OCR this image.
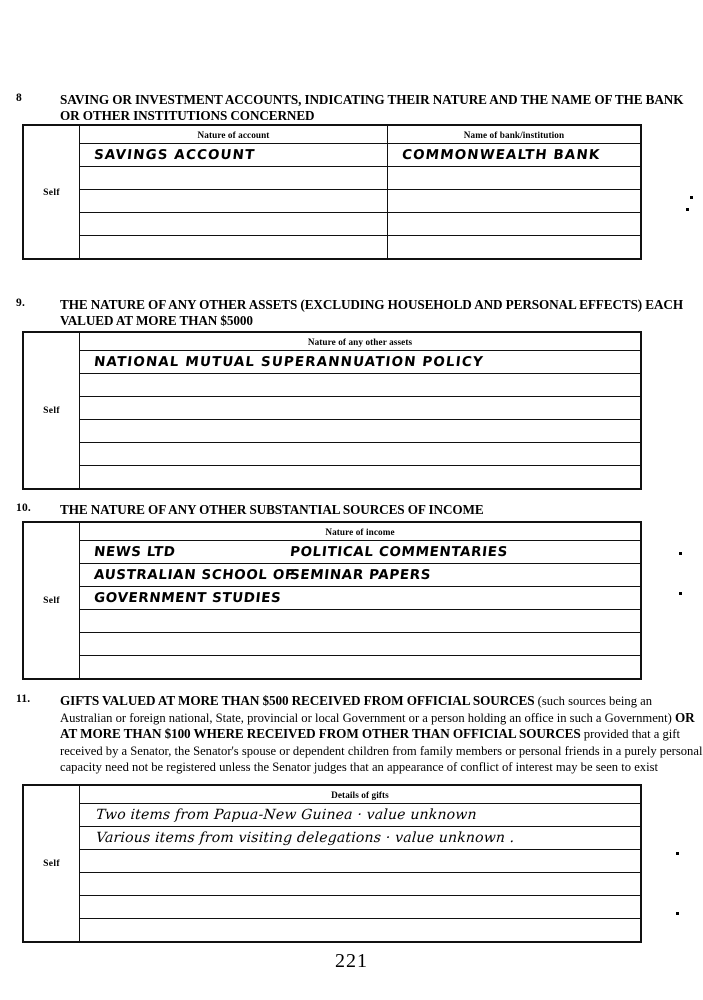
8	SAVING OR INVESTMENT ACCOUNTS, INDICATING THEIR NATURE AND THE NAME OF THE BANK OR OTHER INSTITUTIONS CONCERNED
Self	Nature of account	Name of bank/institution
	SAVINGS ACCOUNT	COMMONWEALTH BANK

9.	THE NATURE OF ANY OTHER ASSETS (EXCLUDING HOUSEHOLD AND PERSONAL EFFECTS) EACH VALUED AT MORE THAN $5000
Self	Nature of any other assets
NATIONAL MUTUAL SUPERANNUATION POLICY

10. THE NATURE OF ANY OTHER SUBSTANTIAL SOURCES OF INCOME
Self	Nature of income	
	NEWS LTD	POLITICAL COMMENTARIES
	AUSTRALIAN SCHOOL OF	SEMINAR PAPERS
	GOVERNMENT STUDIES	

11. GIFTS VALUED AT MORE THAN $500 RECEIVED FROM OFFICIAL SOURCES (such sources being an Australian or foreign national, State, provincial or local Government or a person holding an office in such a Government) OR AT MORE THAN $100 WHERE RECEIVED FROM OTHER THAN OFFICIAL SOURCES provided that a gift received by a Senator, the Senator's spouse or dependent children from family members or personal friends in a purely personal capacity need not be registered unless the Senator judges that an appearance of conflict of interest may be seen to exist
Self	Details of gifts
Two items from Papua-New Guinea · value unknown
Various items from visiting delegations · value unknown .

221
